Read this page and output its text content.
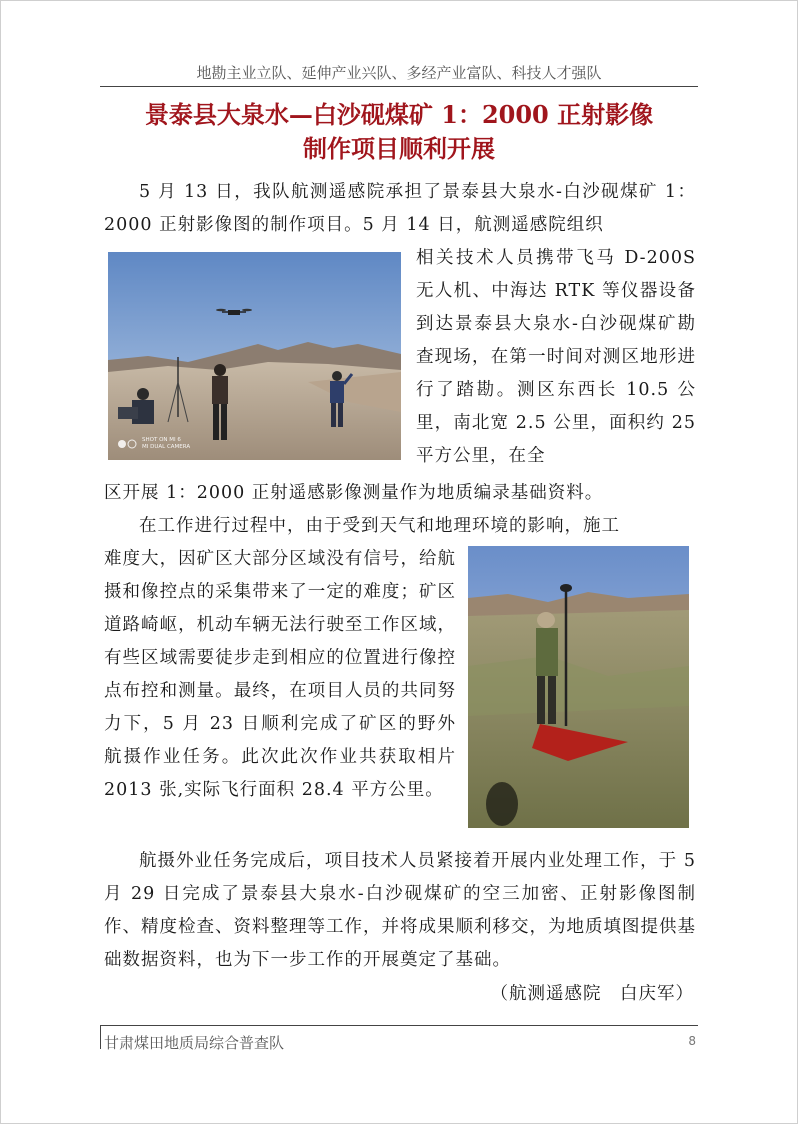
地勘主业立队、延伸产业兴队、多经产业富队、科技人才强队
景泰县大泉水—白沙砚煤矿 1：2000 正射影像
制作项目顺利开展

5 月 13 日，我队航测遥感院承担了景泰县大泉水-白沙砚煤矿 1：2000 正射影像图的制作项目。5 月 14 日，航测遥感院组织

SHOT ON MI 6
MI DUAL CAMERA

相关技术人员携带飞马 D-200S 无人机、中海达 RTK 等仪器设备到达景泰县大泉水-白沙砚煤矿勘查现场，在第一时间对测区地形进行了踏勘。测区东西长 10.5 公里，南北宽 2.5 公里，面积约 25 平方公里，在全

区开展 1：2000 正射遥感影像测量作为地质编录基础资料。

在工作进行过程中，由于受到天气和地理环境的影响，施工

难度大，因矿区大部分区域没有信号，给航摄和像控点的采集带来了一定的难度；矿区道路崎岖，机动车辆无法行驶至工作区域，有些区域需要徒步走到相应的位置进行像控点布控和测量。最终，在项目人员的共同努力下，5 月 23 日顺利完成了矿区的野外航摄作业任务。此次此次作业共获取相片 2013 张,实际飞行面积 28.4 平方公里。

航摄外业任务完成后，项目技术人员紧接着开展内业处理工作，于 5 月 29 日完成了景泰县大泉水-白沙砚煤矿的空三加密、正射影像图制作、精度检查、资料整理等工作，并将成果顺利移交，为地质填图提供基础数据资料，也为下一步工作的开展奠定了基础。

（航测遥感院　白庆军）
甘肃煤田地质局综合普查队	8
